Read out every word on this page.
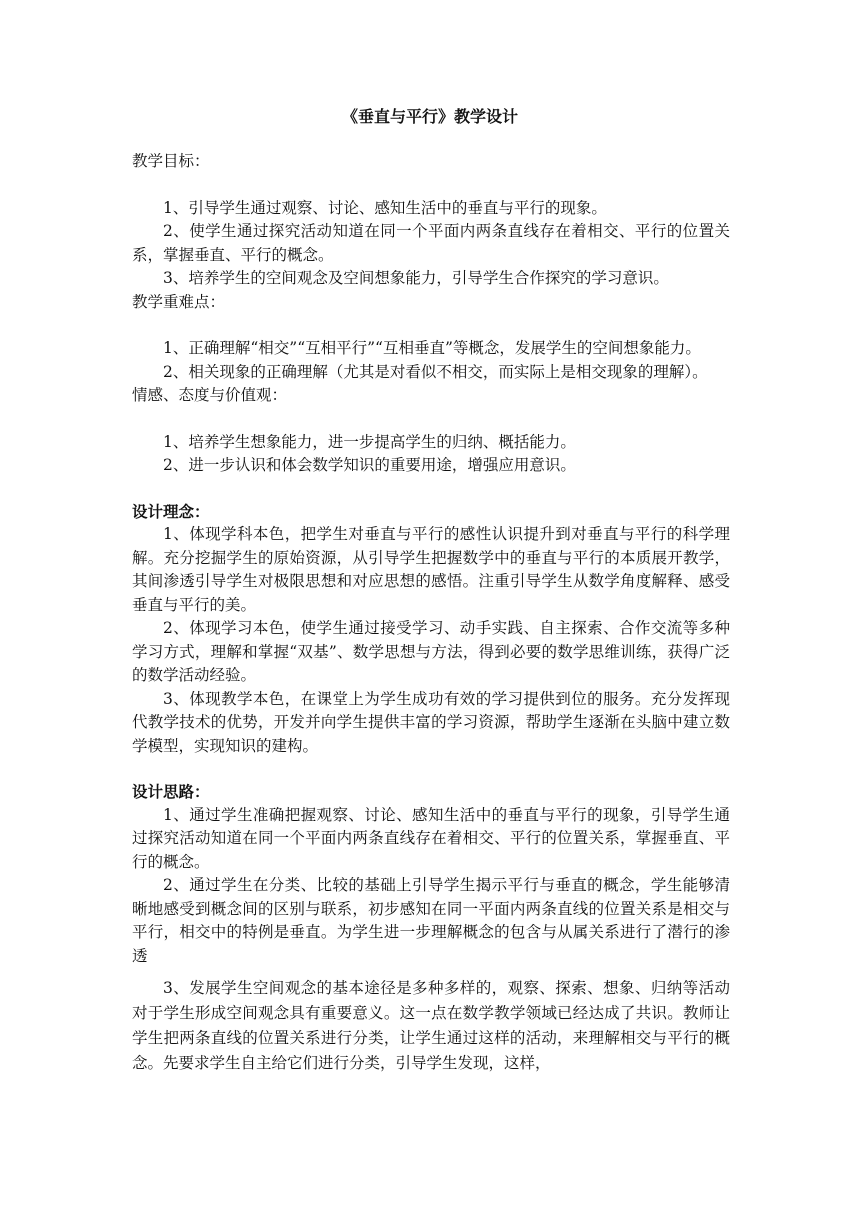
《垂直与平行》教学设计

教学目标：

1、引导学生通过观察、讨论、感知生活中的垂直与平行的现象。

2、使学生通过探究活动知道在同一个平面内两条直线存在着相交、平行的位置关系，掌握垂直、平行的概念。

3、培养学生的空间观念及空间想象能力，引导学生合作探究的学习意识。

教学重难点：

1、正确理解“相交”“互相平行”“互相垂直”等概念，发展学生的空间想象能力。

2、相关现象的正确理解（尤其是对看似不相交，而实际上是相交现象的理解）。

情感、态度与价值观：

1、培养学生想象能力，进一步提高学生的归纳、概括能力。

2、进一步认识和体会数学知识的重要用途，增强应用意识。

设计理念：

1、体现学科本色，把学生对垂直与平行的感性认识提升到对垂直与平行的科学理解。充分挖掘学生的原始资源，从引导学生把握数学中的垂直与平行的本质展开教学，其间渗透引导学生对极限思想和对应思想的感悟。注重引导学生从数学角度解释、感受垂直与平行的美。

2、体现学习本色，使学生通过接受学习、动手实践、自主探索、合作交流等多种学习方式，理解和掌握“双基”、数学思想与方法，得到必要的数学思维训练，获得广泛的数学活动经验。

3、体现教学本色，在课堂上为学生成功有效的学习提供到位的服务。充分发挥现代教学技术的优势，开发并向学生提供丰富的学习资源，帮助学生逐渐在头脑中建立数学模型，实现知识的建构。

设计思路：

1、通过学生准确把握观察、讨论、感知生活中的垂直与平行的现象，引导学生通过探究活动知道在同一个平面内两条直线存在着相交、平行的位置关系，掌握垂直、平行的概念。

2、通过学生在分类、比较的基础上引导学生揭示平行与垂直的概念，学生能够清晰地感受到概念间的区别与联系，初步感知在同一平面内两条直线的位置关系是相交与平行，相交中的特例是垂直。为学生进一步理解概念的包含与从属关系进行了潜行的渗透

3、发展学生空间观念的基本途径是多种多样的，观察、探索、想象、归纳等活动对于学生形成空间观念具有重要意义。这一点在数学教学领域已经达成了共识。教师让学生把两条直线的位置关系进行分类，让学生通过这样的活动，来理解相交与平行的概念。先要求学生自主给它们进行分类，引导学生发现，这样，
